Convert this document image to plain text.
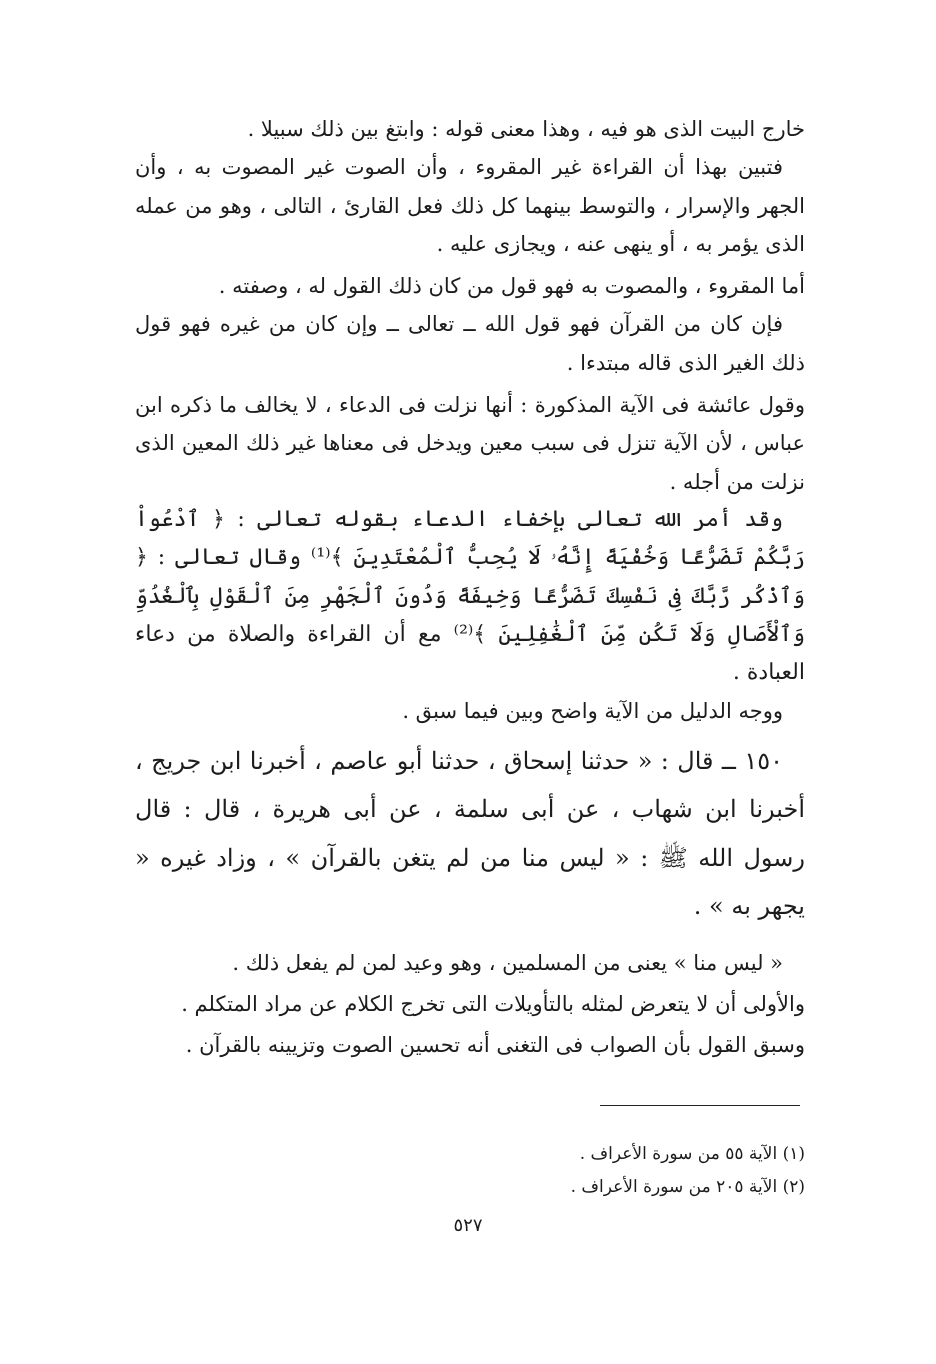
خارج البيت الذى هو فيه ، وهذا معنى قوله : وابتغ بين ذلك سبيلا .

فتبين بهذا أن القراءة غير المقروء ، وأن الصوت غير المصوت به ، وأن الجهر والإسرار ، والتوسط بينهما كل ذلك فعل القارئ ، التالى ، وهو من عمله الذى يؤمر به ، أو ينهى عنه ، ويجازى عليه .

أما المقروء ، والمصوت به فهو قول من كان ذلك القول له ، وصفته .

فإن كان من القرآن فهو قول الله ــ تعالى ــ وإن كان من غيره فهو قول ذلك الغير الذى قاله مبتدءا .

وقول عائشة فى الآية المذكورة : أنها نزلت فى الدعاء ، لا يخالف ما ذكره ابن عباس ، لأن الآية تنزل فى سبب معين ويدخل فى معناها غير ذلك المعين الذى نزلت من أجله .

وقد أمر الله تعالى بإخفاء الدعاء بقوله تعالى : ﴿ ٱدْعُواْ رَبَّكُمْ تَضَرُّعًا وَخُفْيَةً إِنَّهُۥ لَا يُحِبُّ ٱلْمُعْتَدِينَ ﴾⁽¹⁾ وقال تعالى : ﴿ وَٱذْكُر رَّبَّكَ فِى نَفْسِكَ تَضَرُّعًا وَخِيفَةً وَدُونَ ٱلْجَهْرِ مِنَ ٱلْقَوْلِ بِٱلْغُدُوِّ وَٱلْأَصَالِ وَلَا تَكُن مِّنَ ٱلْغَٰفِلِينَ ﴾⁽²⁾ مع أن القراءة والصلاة من دعاء العبادة .

ووجه الدليل من الآية واضح وبين فيما سبق .

١٥٠ ــ قال : « حدثنا إسحاق ، حدثنا أبو عاصم ، أخبرنا ابن جريج ، أخبرنا ابن شهاب ، عن أبى سلمة ، عن أبى هريرة ، قال : قال رسول الله ﷺ : « ليس منا من لم يتغن بالقرآن » ، وزاد غيره « يجهر به » .

« ليس منا » يعنى من المسلمين ، وهو وعيد لمن لم يفعل ذلك .

والأولى أن لا يتعرض لمثله بالتأويلات التى تخرج الكلام عن مراد المتكلم .

وسبق القول بأن الصواب فى التغنى أنه تحسين الصوت وتزيينه بالقرآن .

(١) الآية ٥٥ من سورة الأعراف .

(٢) الآية ٢٠٥ من سورة الأعراف .

٥٢٧
